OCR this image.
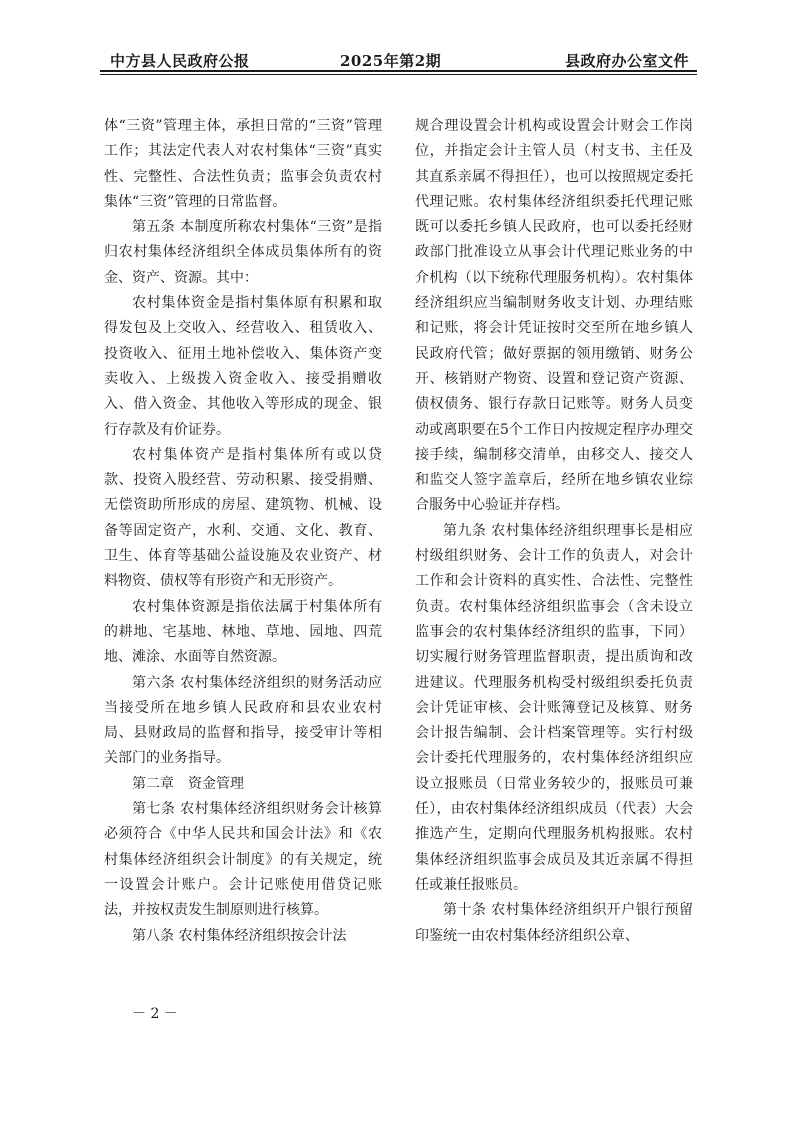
中方县人民政府公报	2025年第2期	县政府办公室文件

体“三资”管理主体，承担日常的“三资”管理工作；其法定代表人对农村集体“三资”真实性、完整性、合法性负责；监事会负责农村集体“三资”管理的日常监督。

第五条 本制度所称农村集体“三资”是指归农村集体经济组织全体成员集体所有的资金、资产、资源。其中：

农村集体资金是指村集体原有积累和取得发包及上交收入、经营收入、租赁收入、投资收入、征用土地补偿收入、集体资产变卖收入、上级拨入资金收入、接受捐赠收入、借入资金、其他收入等形成的现金、银行存款及有价证券。

农村集体资产是指村集体所有或以贷款、投资入股经营、劳动积累、接受捐赠、无偿资助所形成的房屋、建筑物、机械、设备等固定资产，水利、交通、文化、教育、卫生、体育等基础公益设施及农业资产、材料物资、债权等有形资产和无形资产。

农村集体资源是指依法属于村集体所有的耕地、宅基地、林地、草地、园地、四荒地、滩涂、水面等自然资源。

第六条 农村集体经济组织的财务活动应当接受所在地乡镇人民政府和县农业农村局、县财政局的监督和指导，接受审计等相关部门的业务指导。

第二章　资金管理

第七条 农村集体经济组织财务会计核算必须符合《中华人民共和国会计法》和《农村集体经济组织会计制度》的有关规定，统一设置会计账户。会计记账使用借贷记账法，并按权责发生制原则进行核算。

第八条 农村集体经济组织按会计法

规合理设置会计机构或设置会计财会工作岗位，并指定会计主管人员（村支书、主任及其直系亲属不得担任），也可以按照规定委托代理记账。农村集体经济组织委托代理记账既可以委托乡镇人民政府，也可以委托经财政部门批准设立从事会计代理记账业务的中介机构（以下统称代理服务机构）。农村集体经济组织应当编制财务收支计划、办理结账和记账，将会计凭证按时交至所在地乡镇人民政府代管；做好票据的领用缴销、财务公开、核销财产物资、设置和登记资产资源、债权债务、银行存款日记账等。财务人员变动或离职要在5个工作日内按规定程序办理交接手续，编制移交清单，由移交人、接交人和监交人签字盖章后，经所在地乡镇农业综合服务中心验证并存档。

第九条 农村集体经济组织理事长是相应村级组织财务、会计工作的负责人，对会计工作和会计资料的真实性、合法性、完整性负责。农村集体经济组织监事会（含未设立监事会的农村集体经济组织的监事，下同）切实履行财务管理监督职责，提出质询和改进建议。代理服务机构受村级组织委托负责会计凭证审核、会计账簿登记及核算、财务会计报告编制、会计档案管理等。实行村级会计委托代理服务的，农村集体经济组织应设立报账员（日常业务较少的，报账员可兼任），由农村集体经济组织成员（代表）大会推选产生，定期向代理服务机构报账。农村集体经济组织监事会成员及其近亲属不得担任或兼任报账员。

第十条 农村集体经济组织开户银行预留印鉴统一由农村集体经济组织公章、

－ 2 －
